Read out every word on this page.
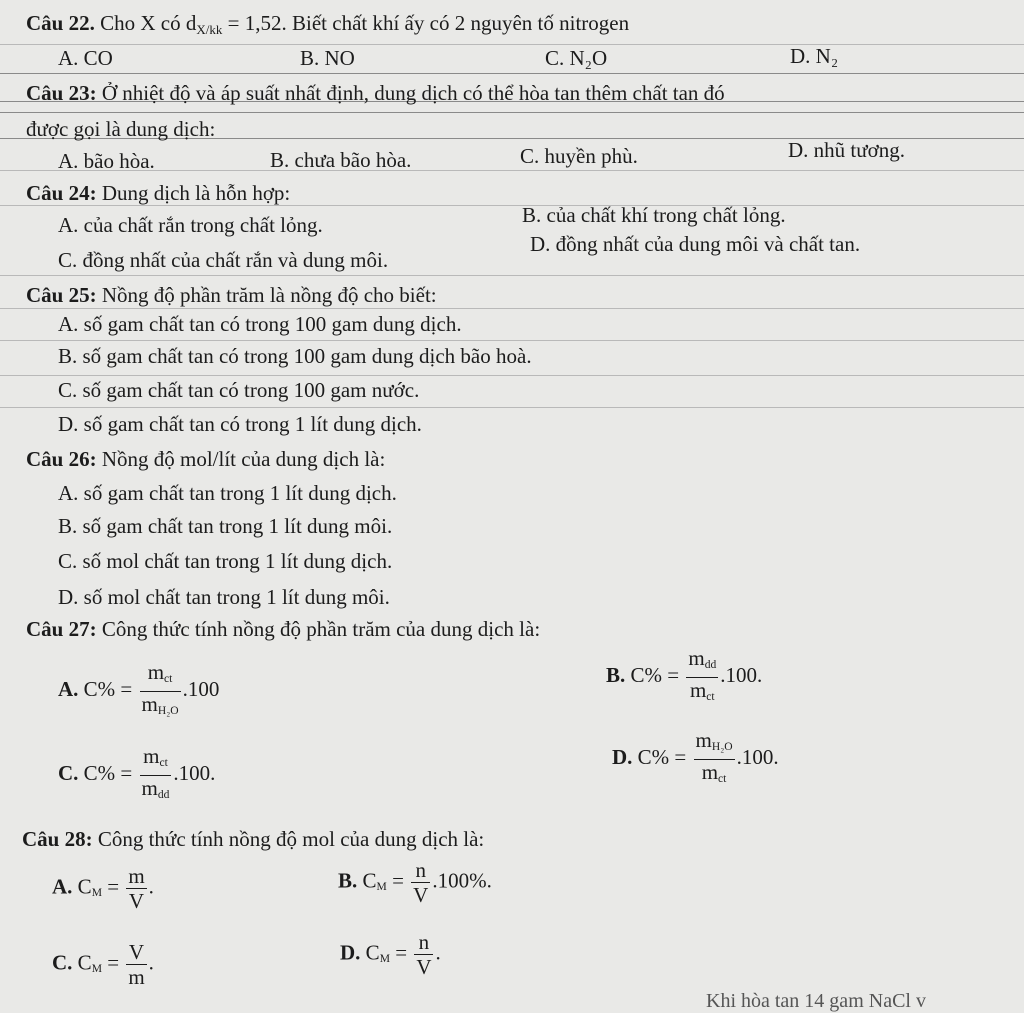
Câu 22. Cho X có $d_{X/kk} = 1,52$. Biết chất khí ấy có 2 nguyên tố nitrogen
A. CO	B. NO	C. N₂O	D. N₂
Câu 23: Ở nhiệt độ và áp suất nhất định, dung dịch có thể hòa tan thêm chất tan đó
được gọi là dung dịch:
A. bão hòa.	B. chưa bão hòa.	C. huyền phù.	D. nhũ tương.
Câu 24: Dung dịch là hỗn hợp:
A. của chất rắn trong chất lỏng.	B. của chất khí trong chất lỏng.
C. đồng nhất của chất rắn và dung môi.
D. đồng nhất của dung môi và chất tan.
Câu 25: Nồng độ phần trăm là nồng độ cho biết:
A. số gam chất tan có trong 100 gam dung dịch.
B. số gam chất tan có trong 100 gam dung dịch bão hoà.
C. số gam chất tan có trong 100 gam nước.
D. số gam chất tan có trong 1 lít dung dịch.
Câu 26: Nồng độ mol/lít của dung dịch là:
A. số gam chất tan trong 1 lít dung dịch.
B. số gam chất tan trong 1 lít dung môi.
C. số mol chất tan trong 1 lít dung dịch.
D. số mol chất tan trong 1 lít dung môi.
Câu 27: Công thức tính nồng độ phần trăm của dung dịch là:
A. $C\% = \frac{\text{mct}}{\text{mH₂O}} .100$
B. $C\% = \frac{\text{mdd}}{\text{mct}} .100$.
C. $C\% = \frac{\text{mct}}{\text{mdd}} .100$.
D. $C\% = \frac{\text{mH₂O}}{\text{mct}} .100$.
Câu 28: Công thức tính nồng độ mol của dung dịch là:
A. CM = $\frac{m}{V}$ .	B. CM = $\frac{n}{V} .100\%$.
C. CM = $\frac{V}{m}$ .	D. CM = $\frac{n}{V}$ .
Khi hòa tan 14 gam NaCl v
